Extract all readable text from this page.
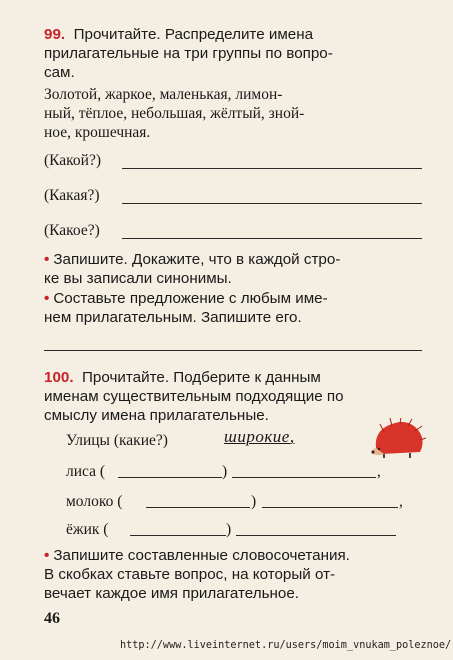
99. Прочитайте. Распределите имена
прилагательные на три группы по вопро-
сам.
Золотой, жаркое, маленькая, лимон-
ный, тёплое, небольшая, жёлтый, зной-
ное, крошечная.
(Какой?)
(Какая?)
(Какое?)
• Запишите. Докажите, что в каждой стро-
ке вы записали синонимы.
• Составьте предложение с любым име-
нем прилагательным. Запишите его.
100. Прочитайте. Подберите к данным
именам существительным подходящие по
смыслу имена прилагательные.
Улицы (какие?)	широкие,
лиса (	)	,
молоко (	)	,
ёжик (	)
• Запишите составленные словосочетания.
В скобках ставьте вопрос, на который от-
вечает каждое имя прилагательное.
46
http://www.liveinternet.ru/users/moim_vnukam_poleznoe/
